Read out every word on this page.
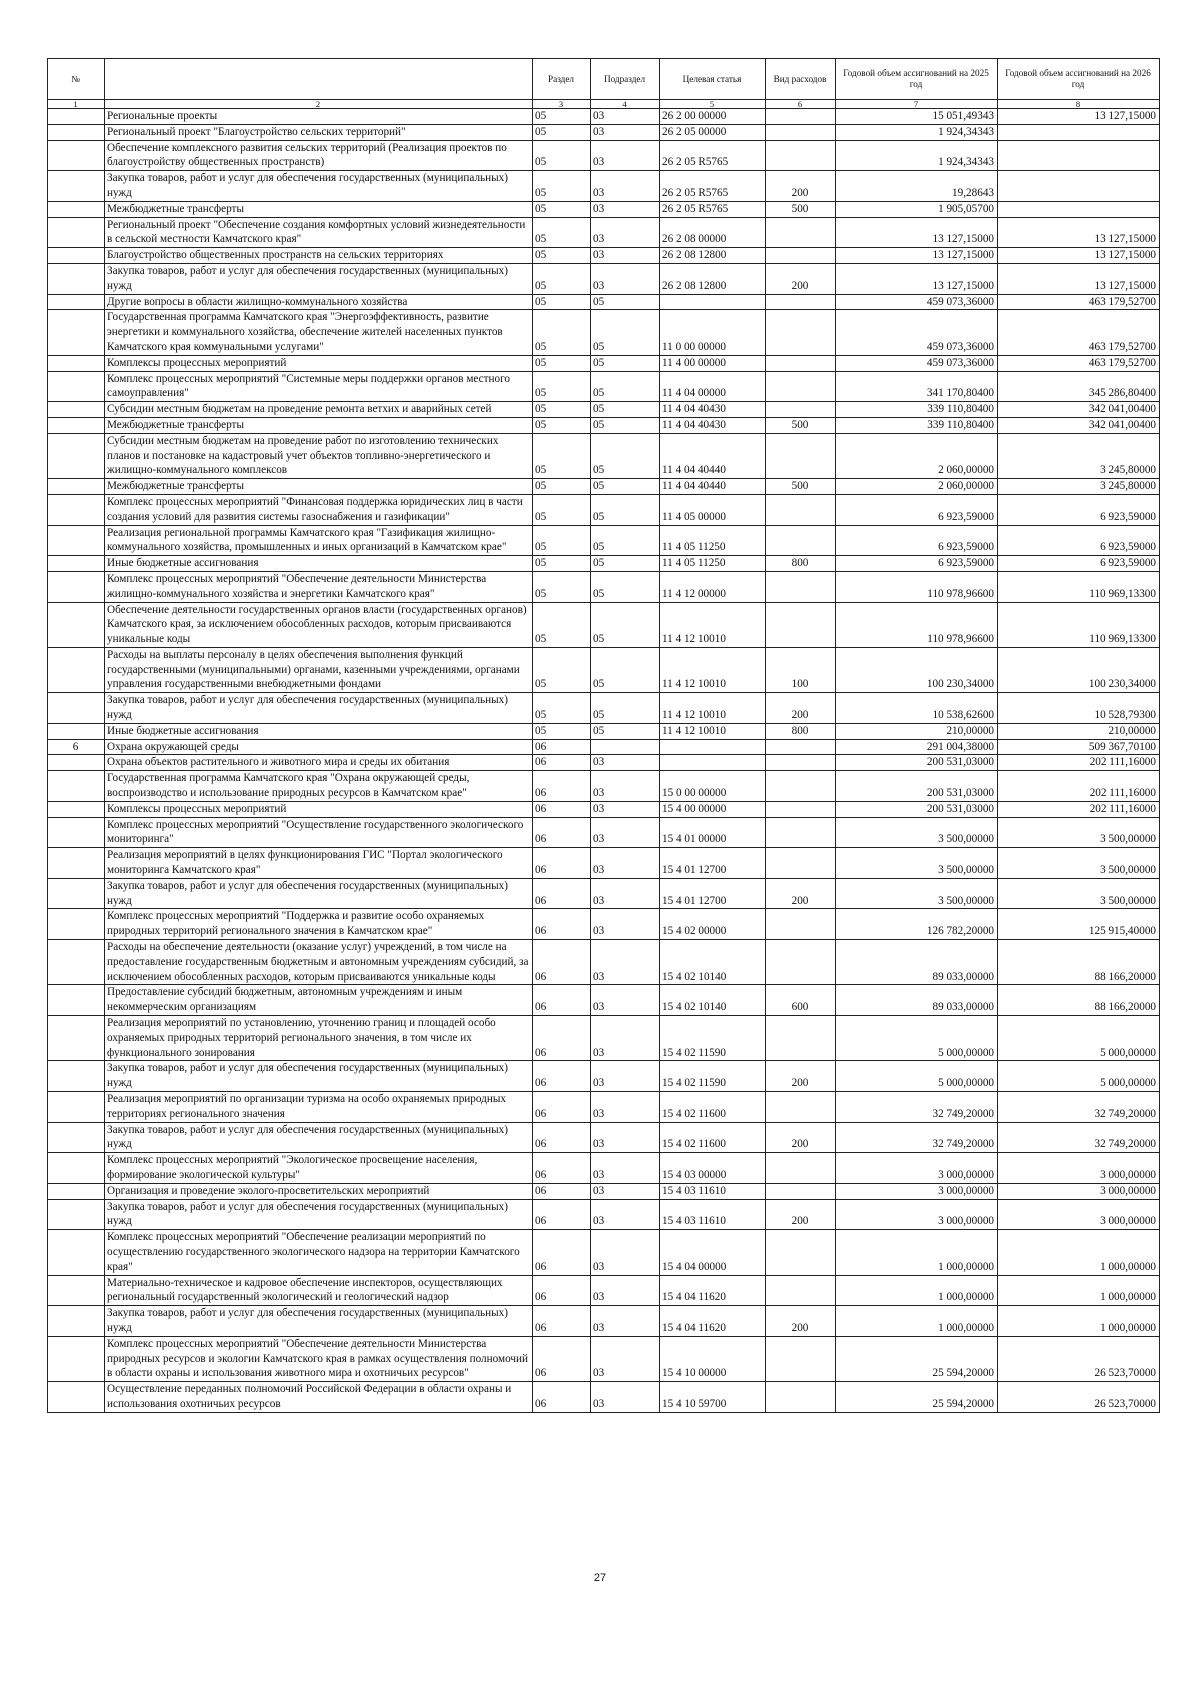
№		Раздел	Подраздел	Целевая статья	Вид расходов	Годовой объем ассигнований на 2025 год	Годовой объем ассигнований на 2026 год
1	2	3	4	5	6	7	8
	Региональные проекты	05	03	26 2 00 00000		15 051,49343	13 127,15000
	Региональный проект "Благоустройство сельских территорий"	05	03	26 2 05 00000		1 924,34343	
	Обеспечение комплексного развития сельских территорий (Реализация проектов по благоустройству общественных пространств)	05	03	26 2 05 R5765		1 924,34343	
	Закупка товаров, работ и услуг для обеспечения государственных (муниципальных) нужд	05	03	26 2 05 R5765	200	19,28643	
	Межбюджетные трансферты	05	03	26 2 05 R5765	500	1 905,05700	
	Региональный проект "Обеспечение создания комфортных условий жизнедеятельности в сельской местности Камчатского края"	05	03	26 2 08 00000		13 127,15000	13 127,15000
	Благоустройство общественных пространств на сельских территориях	05	03	26 2 08 12800		13 127,15000	13 127,15000
	Закупка товаров, работ и услуг для обеспечения государственных (муниципальных) нужд	05	03	26 2 08 12800	200	13 127,15000	13 127,15000
	Другие вопросы в области жилищно-коммунального хозяйства	05	05			459 073,36000	463 179,52700
	Государственная программа Камчатского края "Энергоэффективность, развитие энергетики и коммунального хозяйства, обеспечение жителей населенных пунктов Камчатского края коммунальными услугами"	05	05	11 0 00 00000		459 073,36000	463 179,52700
	Комплексы процессных мероприятий	05	05	11 4 00 00000		459 073,36000	463 179,52700
	Комплекс процессных мероприятий "Системные меры поддержки органов местного самоуправления"	05	05	11 4 04 00000		341 170,80400	345 286,80400
	Субсидии местным бюджетам на проведение ремонта ветхих и аварийных сетей	05	05	11 4 04 40430		339 110,80400	342 041,00400
	Межбюджетные трансферты	05	05	11 4 04 40430	500	339 110,80400	342 041,00400
	Субсидии местным бюджетам на проведение работ по изготовлению технических планов и постановке на кадастровый учет объектов топливно-энергетического и жилищно-коммунального комплексов	05	05	11 4 04 40440		2 060,00000	3 245,80000
	Межбюджетные трансферты	05	05	11 4 04 40440	500	2 060,00000	3 245,80000
	Комплекс процессных мероприятий "Финансовая поддержка юридических лиц в части создания условий для развития системы газоснабжения и газификации"	05	05	11 4 05 00000		6 923,59000	6 923,59000
	Реализация региональной программы Камчатского края "Газификация жилищно-коммунального хозяйства, промышленных и иных организаций в Камчатском крае"	05	05	11 4 05 11250		6 923,59000	6 923,59000
	Иные бюджетные ассигнования	05	05	11 4 05 11250	800	6 923,59000	6 923,59000
	Комплекс процессных мероприятий "Обеспечение деятельности Министерства жилищно-коммунального хозяйства и энергетики Камчатского края"	05	05	11 4 12 00000		110 978,96600	110 969,13300
	Обеспечение деятельности государственных органов власти (государственных органов) Камчатского края, за исключением обособленных расходов, которым присваиваются уникальные коды	05	05	11 4 12 10010		110 978,96600	110 969,13300
	Расходы на выплаты персоналу в целях обеспечения выполнения функций государственными (муниципальными) органами, казенными учреждениями, органами управления государственными внебюджетными фондами	05	05	11 4 12 10010	100	100 230,34000	100 230,34000
	Закупка товаров, работ и услуг для обеспечения государственных (муниципальных) нужд	05	05	11 4 12 10010	200	10 538,62600	10 528,79300
	Иные бюджетные ассигнования	05	05	11 4 12 10010	800	210,00000	210,00000
6	Охрана окружающей среды	06				291 004,38000	509 367,70100
	Охрана объектов растительного и животного мира и среды их обитания	06	03			200 531,03000	202 111,16000
	Государственная программа Камчатского края "Охрана окружающей среды, воспроизводство и использование природных ресурсов в Камчатском крае"	06	03	15 0 00 00000		200 531,03000	202 111,16000
	Комплексы процессных мероприятий	06	03	15 4 00 00000		200 531,03000	202 111,16000
	Комплекс процессных мероприятий "Осуществление государственного экологического мониторинга"	06	03	15 4 01 00000		3 500,00000	3 500,00000
	Реализация мероприятий в целях функционирования ГИС "Портал экологического мониторинга Камчатского края"	06	03	15 4 01 12700		3 500,00000	3 500,00000
	Закупка товаров, работ и услуг для обеспечения государственных (муниципальных) нужд	06	03	15 4 01 12700	200	3 500,00000	3 500,00000
	Комплекс процессных мероприятий "Поддержка и развитие особо охраняемых природных территорий регионального значения в Камчатском крае"	06	03	15 4 02 00000		126 782,20000	125 915,40000
	Расходы на обеспечение деятельности (оказание услуг) учреждений, в том числе на предоставление государственным бюджетным и автономным учреждениям субсидий, за исключением обособленных расходов, которым присваиваются уникальные коды	06	03	15 4 02 10140		89 033,00000	88 166,20000
	Предоставление субсидий бюджетным, автономным учреждениям и иным некоммерческим организациям	06	03	15 4 02 10140	600	89 033,00000	88 166,20000
	Реализация мероприятий по установлению, уточнению границ и площадей особо охраняемых природных территорий регионального значения, в том числе их функционального зонирования	06	03	15 4 02 11590		5 000,00000	5 000,00000
	Закупка товаров, работ и услуг для обеспечения государственных (муниципальных) нужд	06	03	15 4 02 11590	200	5 000,00000	5 000,00000
	Реализация мероприятий по организации туризма на особо охраняемых природных территориях регионального значения	06	03	15 4 02 11600		32 749,20000	32 749,20000
	Закупка товаров, работ и услуг для обеспечения государственных (муниципальных) нужд	06	03	15 4 02 11600	200	32 749,20000	32 749,20000
	Комплекс процессных мероприятий "Экологическое просвещение населения, формирование экологической культуры"	06	03	15 4 03 00000		3 000,00000	3 000,00000
	Организация и проведение эколого-просветительских мероприятий	06	03	15 4 03 11610		3 000,00000	3 000,00000
	Закупка товаров, работ и услуг для обеспечения государственных (муниципальных) нужд	06	03	15 4 03 11610	200	3 000,00000	3 000,00000
	Комплекс процессных мероприятий "Обеспечение реализации мероприятий по осуществлению государственного экологического надзора на территории Камчатского края"	06	03	15 4 04 00000		1 000,00000	1 000,00000
	Материально-техническое и кадровое обеспечение инспекторов, осуществляющих региональный государственный экологический и геологический надзор	06	03	15 4 04 11620		1 000,00000	1 000,00000
	Закупка товаров, работ и услуг для обеспечения государственных (муниципальных) нужд	06	03	15 4 04 11620	200	1 000,00000	1 000,00000
	Комплекс процессных мероприятий "Обеспечение деятельности Министерства природных ресурсов и экологии Камчатского края в рамках осуществления полномочий в области охраны и использования животного мира и охотничьих ресурсов"	06	03	15 4 10 00000		25 594,20000	26 523,70000
	Осуществление переданных полномочий Российской Федерации в области охраны и использования охотничьих ресурсов	06	03	15 4 10 59700		25 594,20000	26 523,70000
27
